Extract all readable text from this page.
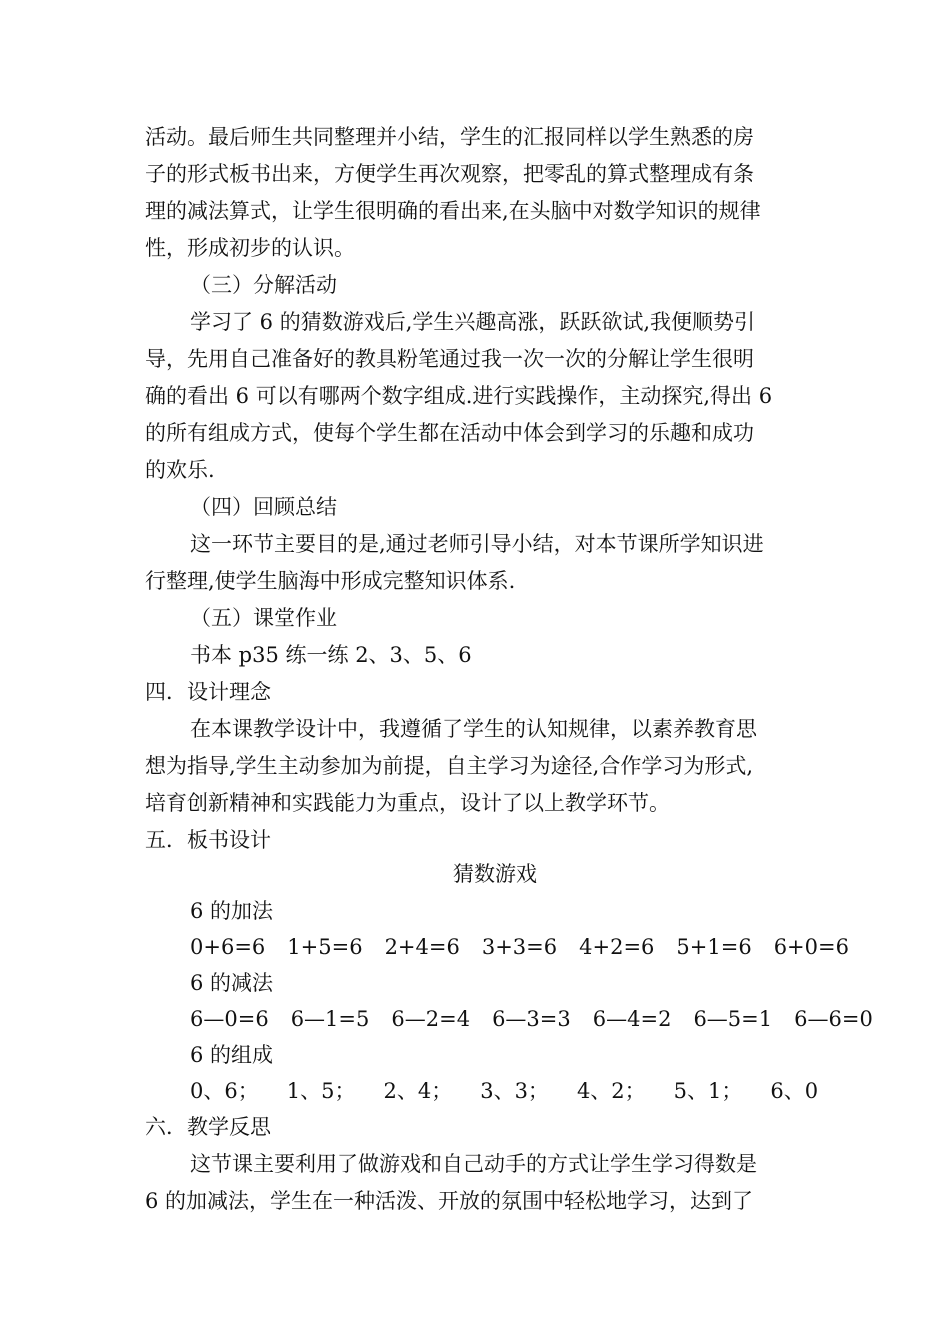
活动。最后师生共同整理并小结，学生的汇报同样以学生熟悉的房
子的形式板书出来，方便学生再次观察，把零乱的算式整理成有条
理的减法算式，让学生很明确的看出来,在头脑中对数学知识的规律
性，形成初步的认识。
（三）分解活动
学习了 6 的猜数游戏后,学生兴趣高涨，跃跃欲试,我便顺势引
导，先用自己准备好的教具粉笔通过我一次一次的分解让学生很明
确的看出 6 可以有哪两个数字组成.进行实践操作，主动探究,得出 6
的所有组成方式，使每个学生都在活动中体会到学习的乐趣和成功
的欢乐.
（四）回顾总结
这一环节主要目的是,通过老师引导小结，对本节课所学知识进
行整理,使学生脑海中形成完整知识体系.
（五）课堂作业
书本 p35 练一练 2、3、5、6
四．设计理念
在本课教学设计中，我遵循了学生的认知规律，以素养教育思
想为指导,学生主动参加为前提，自主学习为途径,合作学习为形式,
培育创新精神和实践能力为重点，设计了以上教学环节。
五．板书设计
猜数游戏
6 的加法
0+6=6 1+5=6 2+4=6 3+3=6 4+2=6 5+1=6 6+0=6
6 的减法
6—0=6 6—1=5 6—2=4 6—3=3 6—4=2 6—5=1 6—6=0
6 的组成
0、6； 1、5； 2、4； 3、3； 4、2； 5、1； 6、0
六．教学反思
这节课主要利用了做游戏和自己动手的方式让学生学习得数是
6 的加减法，学生在一种活泼、开放的氛围中轻松地学习，达到了
